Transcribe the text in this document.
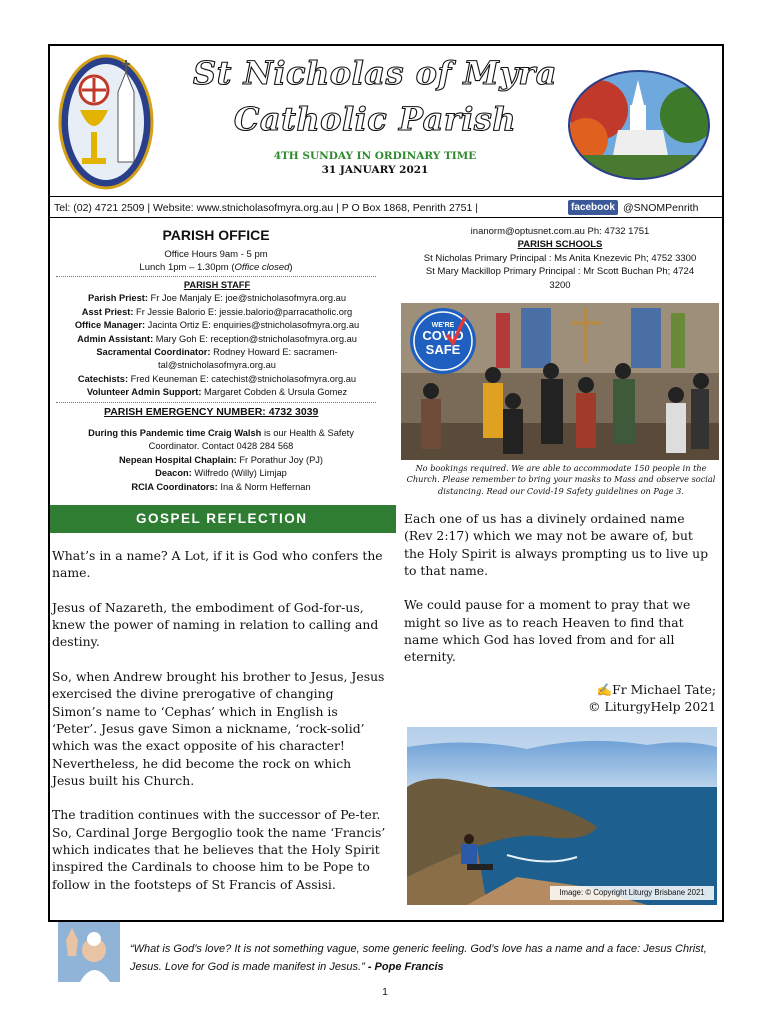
St Nicholas of Myra
Catholic Parish
4TH SUNDAY IN ORDINARY TIME
31 JANUARY 2021
Tel: (02) 4721 2509 | Website: www.stnicholasofmyra.org.au | P O Box 1868, Penrith 2751 |	facebook @SNOMPenrith
PARISH OFFICE
Office Hours 9am - 5 pm
Lunch 1pm – 1.30pm (Office closed)
PARISH STAFF
Parish Priest: Fr Joe Manjaly E: joe@stnicholasofmyra.org.au
Asst Priest: Fr Jessie Balorio E: jessie.balorio@parracatholic.org
Office Manager: Jacinta Ortiz E: enquiries@stnicholasofmyra.org.au
Admin Assistant: Mary Goh E: reception@stnicholasofmyra.org.au
Sacramental Coordinator: Rodney Howard E: sacramen-
tal@stnicholasofmyra.org.au
Catechists: Fred Keuneman E: catechist@stnicholasofmyra.org.au
Volunteer Admin Support: Margaret Cobden & Ursula Gomez
PARISH EMERGENCY NUMBER: 4732 3039
During this Pandemic time Craig Walsh is our Health & Safety
Coordinator. Contact 0428 284 568
Nepean Hospital Chaplain: Fr Porathur Joy (PJ)
Deacon: Wilfredo (Willy) Limjap
RCIA Coordinators: Ina & Norm Heffernan
inanorm@optusnet.com.au Ph: 4732 1751
PARISH SCHOOLS
St Nicholas Primary Principal : Ms Anita Knezevic Ph; 4752 3300
St Mary Mackillop Primary Principal : Mr Scott Buchan Ph; 4724
3200
WE'RE
COVID
SAFE
No bookings required. We are able to accommodate 150 people in the Church. Please remember to bring your masks to Mass and observe social distancing. Read our Covid-19 Safety guidelines on Page 3.
GOSPEL REFLECTION

What’s in a name? A Lot, if it is God who confers the name.

Jesus of Nazareth, the embodiment of God-for-us, knew the power of naming in relation to calling and destiny.

So, when Andrew brought his brother to Jesus, Jesus exercised the divine prerogative of changing Simon’s name to ‘Cephas’ which in English is ‘Peter’. Jesus gave Simon a nickname, ‘rock-solid’ which was the exact opposite of his character! Nevertheless, he did become the rock on which Jesus built his Church.

The tradition continues with the successor of Pe-ter. So, Cardinal Jorge Bergoglio took the name ‘Francis’ which indicates that he believes that the Holy Spirit inspired the Cardinals to choose him to be Pope to follow in the footsteps of St Francis of Assisi.

Each one of us has a divinely ordained name (Rev 2:17) which we may not be aware of, but the Holy Spirit is always prompting us to live up to that name.

We could pause for a moment to pray that we might so live as to reach Heaven to find that name which God has loved from and for all eternity.

✍Fr Michael Tate;
© LiturgyHelp 2021
Image: © Copyright Liturgy Brisbane 2021
“What is God’s love? It is not something vague, some generic feeling. God’s love has a name and a face: Jesus Christ, Jesus. Love for God is made manifest in Jesus.” - Pope Francis
1
